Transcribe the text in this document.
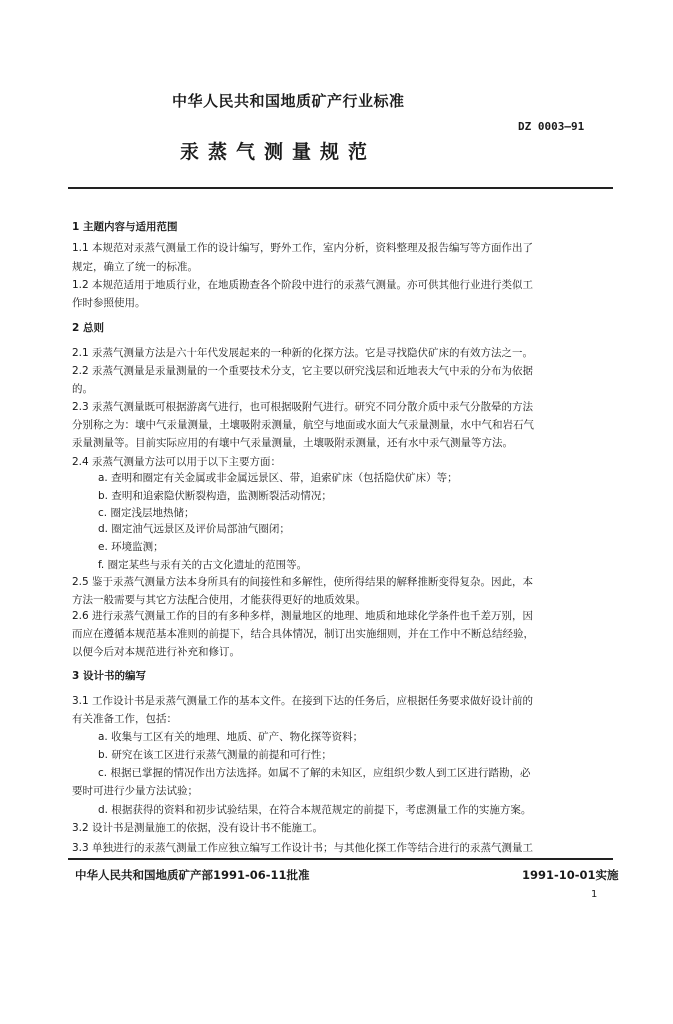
中华人民共和国地质矿产行业标准
DZ 0003—91
汞蒸气测量规范
1 主题内容与适用范围
1.1 本规范对汞蒸气测量工作的设计编写，野外工作，室内分析，资料整理及报告编写等方面作出了
规定，确立了统一的标准。
1.2 本规范适用于地质行业，在地质勘查各个阶段中进行的汞蒸气测量。亦可供其他行业进行类似工
作时参照使用。
2 总则
2.1 汞蒸气测量方法是六十年代发展起来的一种新的化探方法。它是寻找隐伏矿床的有效方法之一。
2.2 汞蒸气测量是汞量测量的一个重要技术分支，它主要以研究浅层和近地表大气中汞的分布为依据
的。
2.3 汞蒸气测量既可根据游离气进行，也可根据吸附气进行。研究不同分散介质中汞气分散晕的方法
分别称之为：壤中气汞量测量，土壤吸附汞测量，航空与地面或水面大气汞量测量，水中气和岩石气
汞量测量等。目前实际应用的有壤中气汞量测量，土壤吸附汞测量，还有水中汞气测量等方法。
2.4 汞蒸气测量方法可以用于以下主要方面：
a. 查明和圈定有关金属或非金属远景区、带，追索矿床（包括隐伏矿床）等；
b. 查明和追索隐伏断裂构造，监测断裂活动情况；
c. 圈定浅层地热储；
d. 圈定油气远景区及评价局部油气圈闭；
e. 环境监测；
f. 圈定某些与汞有关的古文化遗址的范围等。
2.5 鉴于汞蒸气测量方法本身所具有的间接性和多解性，使所得结果的解释推断变得复杂。因此，本
方法一般需要与其它方法配合使用，才能获得更好的地质效果。
2.6 进行汞蒸气测量工作的目的有多种多样，测量地区的地理、地质和地球化学条件也千差万别，因
而应在遵循本规范基本准则的前提下，结合具体情况，制订出实施细则，并在工作中不断总结经验，
以便今后对本规范进行补充和修订。
3 设计书的编写
3.1 工作设计书是汞蒸气测量工作的基本文件。在接到下达的任务后，应根据任务要求做好设计前的
有关准备工作，包括：
a. 收集与工区有关的地理、地质、矿产、物化探等资料；
b. 研究在该工区进行汞蒸气测量的前提和可行性；
c. 根据已掌握的情况作出方法选择。如属不了解的未知区，应组织少数人到工区进行踏勘，必
要时可进行少量方法试验；
d. 根据获得的资料和初步试验结果，在符合本规范规定的前提下，考虑测量工作的实施方案。
3.2 设计书是测量施工的依据，没有设计书不能施工。
3.3 单独进行的汞蒸气测量工作应独立编写工作设计书；与其他化探工作等结合进行的汞蒸气测量工
中华人民共和国地质矿产部1991-06-11批准	1991-10-01实施
1
